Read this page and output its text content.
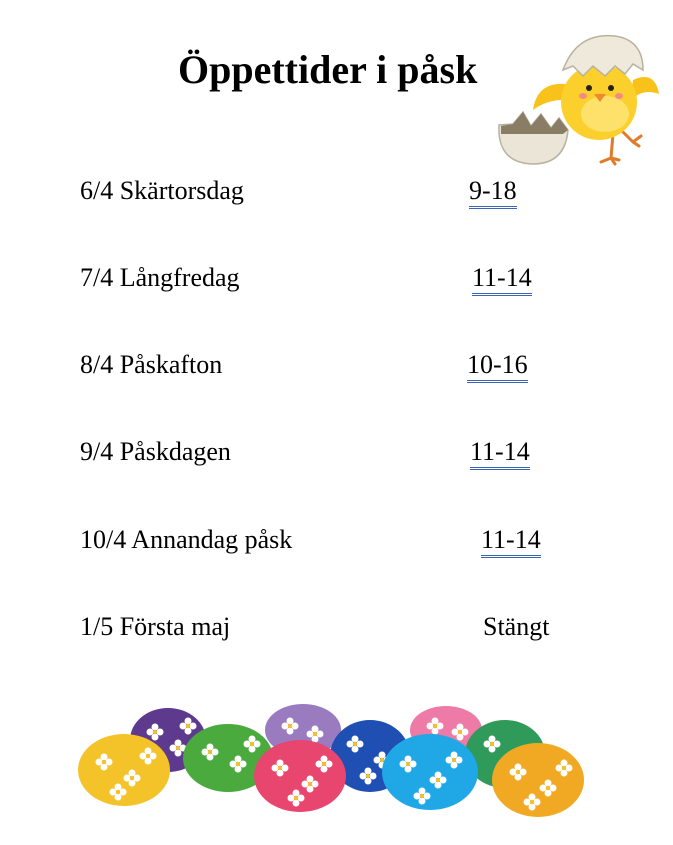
Öppettider i påsk
6/4 Skärtorsdag	9-18
7/4 Långfredag	11-14
8/4 Påskafton	10-16
9/4 Påskdagen	11-14
10/4 Annandag påsk	11-14
1/5 Första maj	Stängt
